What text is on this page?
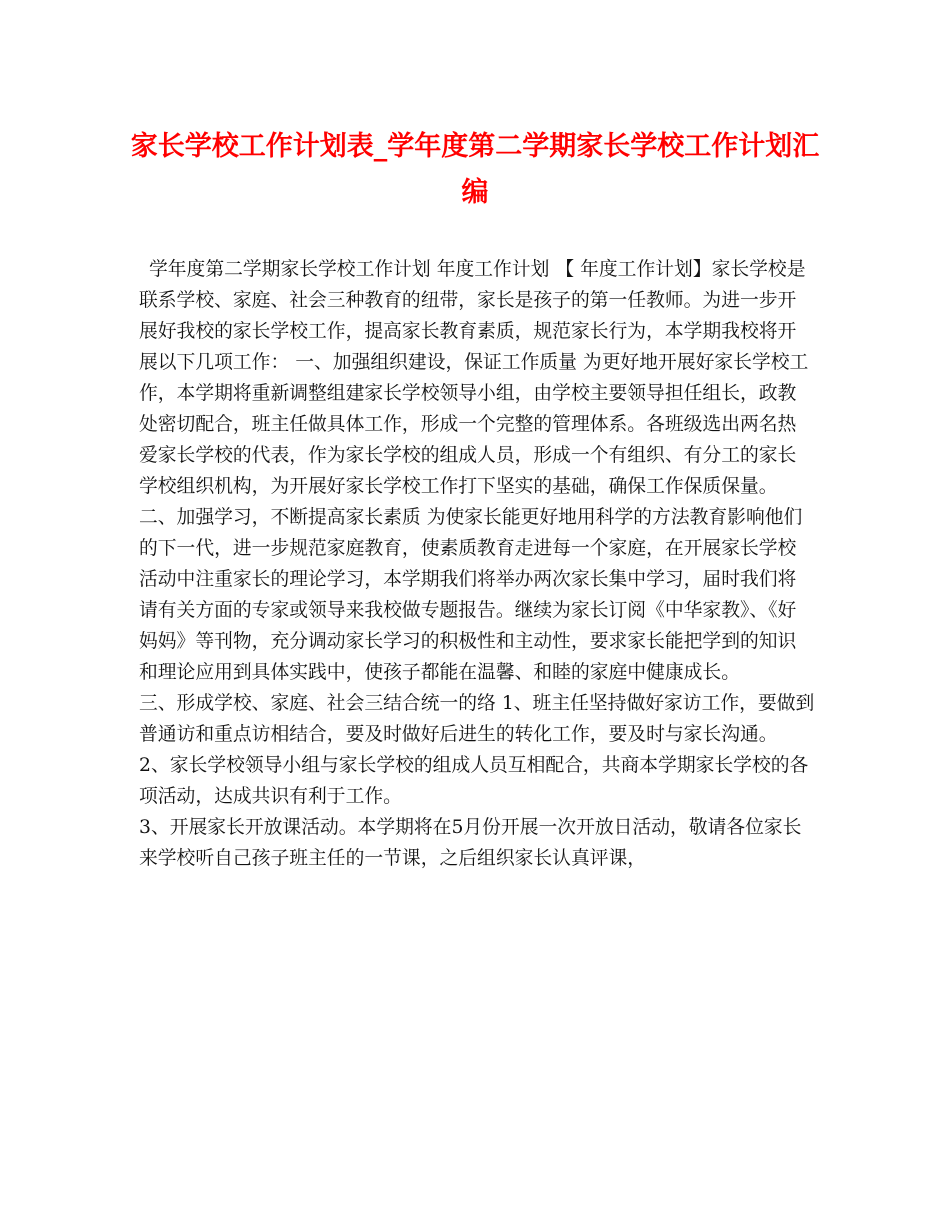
家长学校工作计划表_学年度第二学期家长学校工作计划汇编

学年度第二学期家长学校工作计划 年度工作计划 【 年度工作计划】家长学校是联系学校、家庭、社会三种教育的纽带，家长是孩子的第一任教师。为进一步开展好我校的家长学校工作，提高家长教育素质，规范家长行为，本学期我校将开展以下几项工作： 一、加强组织建设，保证工作质量 为更好地开展好家长学校工作，本学期将重新调整组建家长学校领导小组，由学校主要领导担任组长，政教处密切配合，班主任做具体工作，形成一个完整的管理体系。各班级选出两名热爱家长学校的代表，作为家长学校的组成人员，形成一个有组织、有分工的家长学校组织机构，为开展好家长学校工作打下坚实的基础，确保工作保质保量。

二、加强学习，不断提高家长素质 为使家长能更好地用科学的方法教育影响他们的下一代，进一步规范家庭教育，使素质教育走进每一个家庭，在开展家长学校活动中注重家长的理论学习，本学期我们将举办两次家长集中学习，届时我们将请有关方面的专家或领导来我校做专题报告。继续为家长订阅《中华家教》、《好妈妈》等刊物，充分调动家长学习的积极性和主动性，要求家长能把学到的知识和理论应用到具体实践中，使孩子都能在温馨、和睦的家庭中健康成长。

三、形成学校、家庭、社会三结合统一的络 1、班主任坚持做好家访工作，要做到普通访和重点访相结合，要及时做好后进生的转化工作，要及时与家长沟通。

2、家长学校领导小组与家长学校的组成人员互相配合，共商本学期家长学校的各项活动，达成共识有利于工作。

3、开展家长开放课活动。本学期将在5月份开展一次开放日活动，敬请各位家长来学校听自己孩子班主任的一节课，之后组织家长认真评课，
